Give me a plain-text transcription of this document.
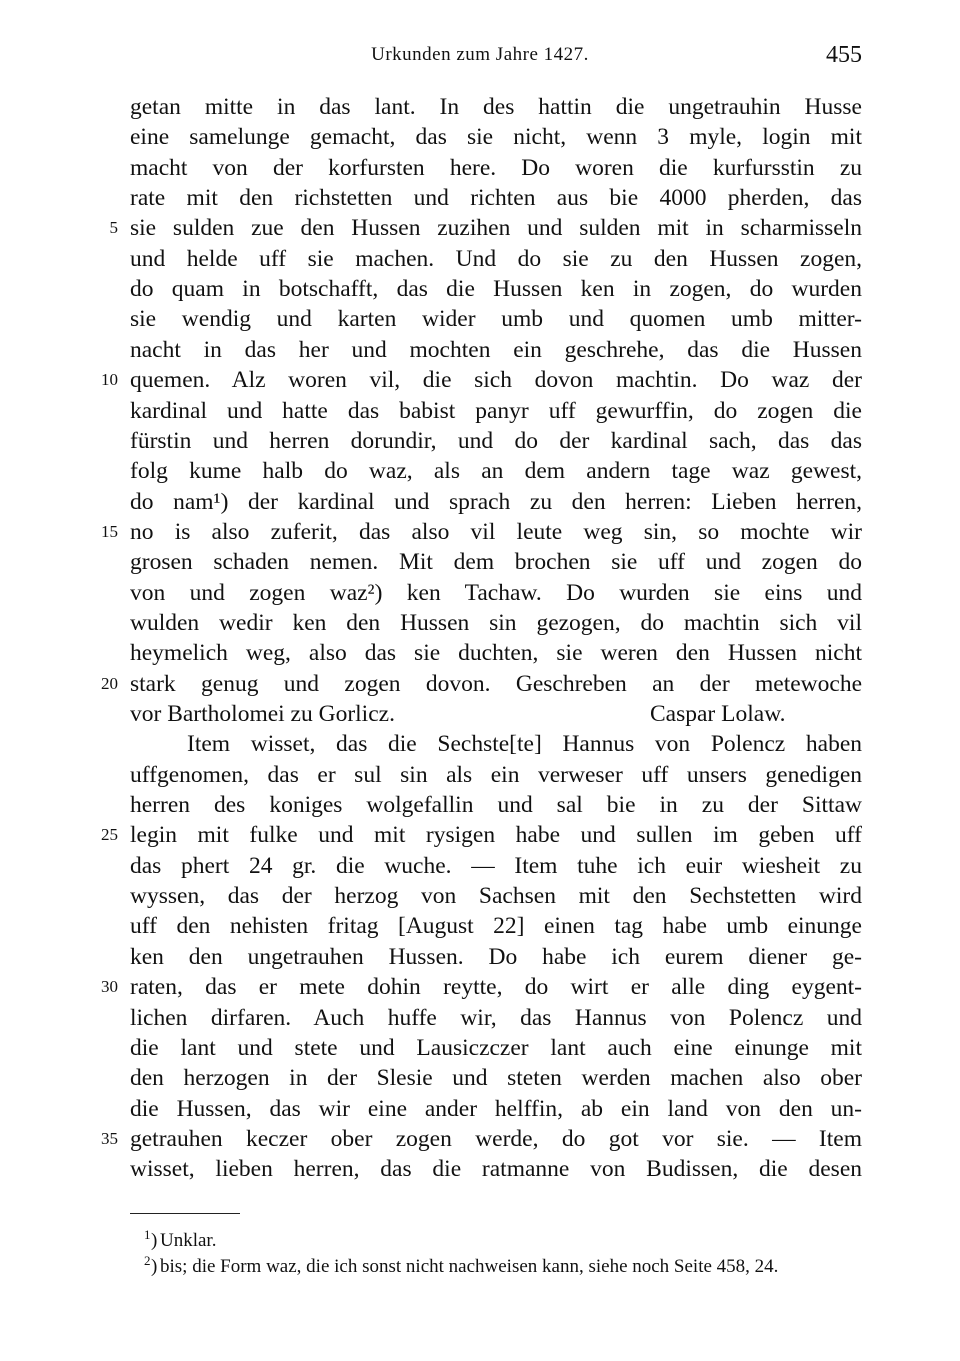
Urkunden zum Jahre 1427.	455
getan mitte in das lant. In des hattin die ungetrauhin Husse
eine samelunge gemacht, das sie nicht, wenn 3 myle, login mit
macht von der korfursten here. Do woren die kurfursstin zu
rate mit den richstetten und richten aus bie 4000 pherden, das
sie sulden zue den Hussen zuzihen und sulden mit in scharmisseln
5
und helde uff sie machen. Und do sie zu den Hussen zogen,
do quam in botschafft, das die Hussen ken in zogen, do wurden
sie wendig und karten wider umb und quomen umb mitter-
nacht in das her und mochten ein geschrehe, das die Hussen
quemen. Alz woren vil, die sich dovon machtin. Do waz der
10
kardinal und hatte das babist panyr uff gewurffin, do zogen die
fürstin und herren dorundir, und do der kardinal sach, das das
folg kume halb do waz, als an dem andern tage waz gewest,
do nam¹) der kardinal und sprach zu den herren: Lieben herren,
no is also zuferit, das also vil leute weg sin, so mochte wir
15
grosen schaden nemen. Mit dem brochen sie uff und zogen do
von und zogen waz²) ken Tachaw. Do wurden sie eins und
wulden wedir ken den Hussen sin gezogen, do machtin sich vil
heymelich weg, also das sie duchten, sie weren den Hussen nicht
stark genug und zogen dovon. Geschreben an der metewoche
20
vor Bartholomei zu Gorlicz.	Caspar Lolaw.
Item wisset, das die Sechste[te] Hannus von Polencz haben
uffgenomen, das er sul sin als ein verweser uff unsers genedigen
herren des koniges wolgefallin und sal bie in zu der Sittaw
legin mit fulke und mit rysigen habe und sullen im geben uff
25
das phert 24 gr. die wuche. — Item tuhe ich euir wiesheit zu
wyssen, das der herzog von Sachsen mit den Sechstetten wird
uff den nehisten fritag [August 22] einen tag habe umb einunge
ken den ungetrauhen Hussen. Do habe ich eurem diener ge-
raten, das er mete dohin reytte, do wirt er alle ding eygent-
30
lichen dirfaren. Auch huffe wir, das Hannus von Polencz und
die lant und stete und Lausiczczer lant auch eine einunge mit
den herzogen in der Slesie und steten werden machen also ober
die Hussen, das wir eine ander helffin, ab ein land von den un-
getrauhen keczer ober zogen werde, do got vor sie. — Item
35
wisset, lieben herren, das die ratmanne von Budissen, die desen
1 ) Unklar.
2 ) bis; die Form waz, die ich sonst nicht nachweisen kann, siehe noch Seite 458, 24.
